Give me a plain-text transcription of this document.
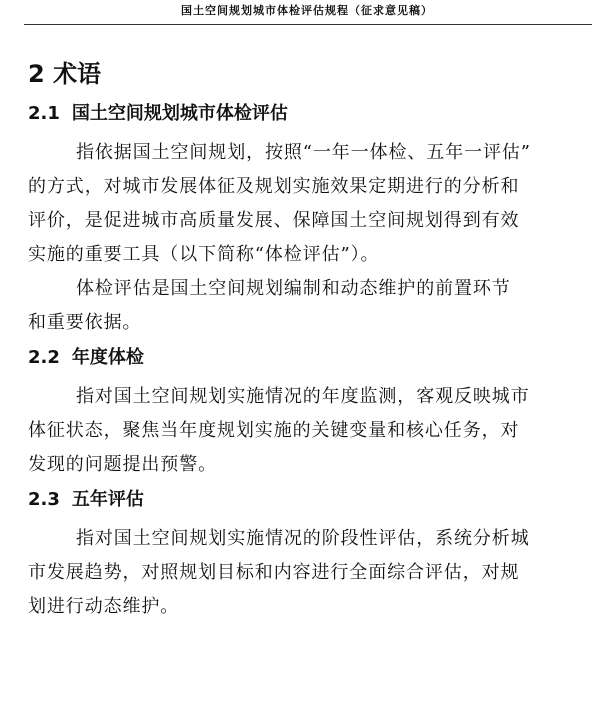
国土空间规划城市体检评估规程（征求意见稿）
2 术语
2.1 国土空间规划城市体检评估

指依据国土空间规划，按照“一年一体检、五年一评估”
的方式，对城市发展体征及规划实施效果定期进行的分析和
评价，是促进城市高质量发展、保障国土空间规划得到有效
实施的重要工具（以下简称“体检评估”）。

体检评估是国土空间规划编制和动态维护的前置环节
和重要依据。

2.2 年度体检

指对国土空间规划实施情况的年度监测，客观反映城市
体征状态，聚焦当年度规划实施的关键变量和核心任务，对
发现的问题提出预警。

2.3 五年评估

指对国土空间规划实施情况的阶段性评估，系统分析城
市发展趋势，对照规划目标和内容进行全面综合评估，对规
划进行动态维护。
